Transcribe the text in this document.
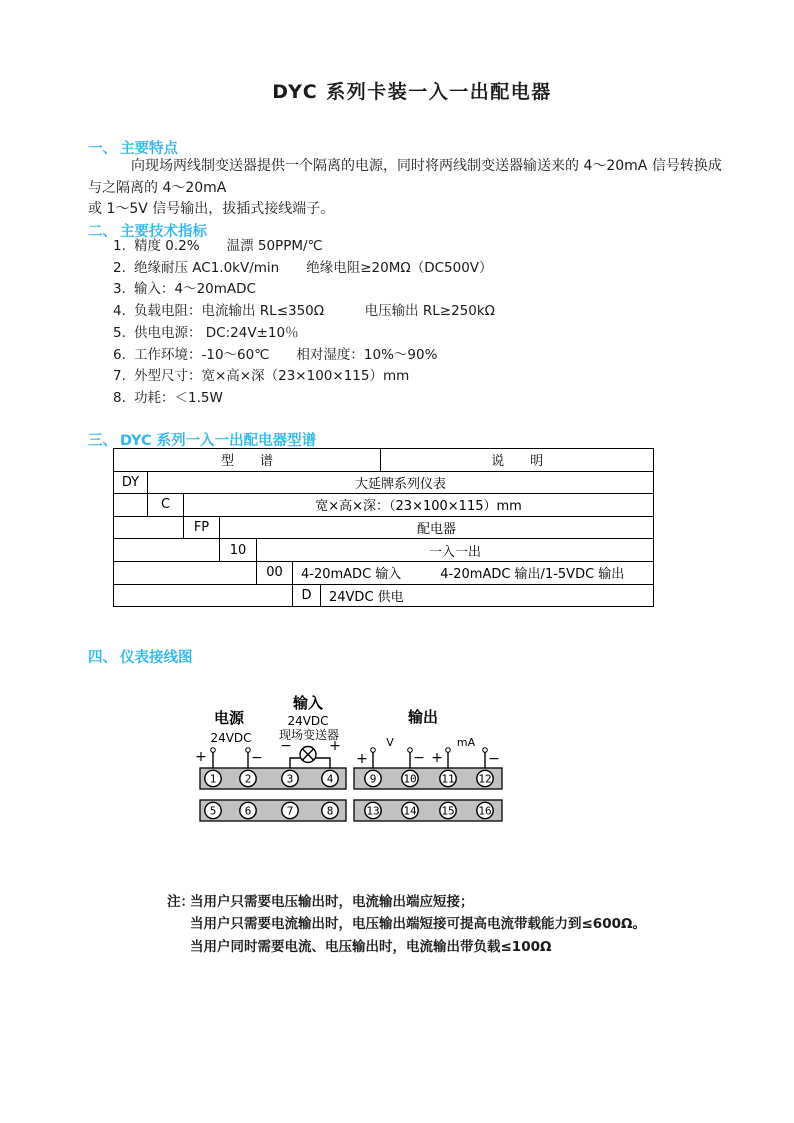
DYC 系列卡装一入一出配电器
一、 主要特点
向现场两线制变送器提供一个隔离的电源，同时将两线制变送器输送来的 4～20mA 信号转换成与之隔离的 4～20mA
或 1～5V 信号输出，拔插式接线端子。
二、 主要技术指标
1. 精度 0.2%　　温漂 50PPM/℃
2. 绝缘耐压 AC1.0kV/min　　绝缘电阻≥20MΩ（DC500V）
3. 输入：4～20mADC
4. 负载电阻：电流输出 RL≤350Ω　　　电压输出 RL≥250kΩ
5. 供电电源： DC:24V±10％
6. 工作环境：-10～60℃　　相对湿度：10%～90%
7. 外型尺寸：宽×高×深（23×100×115）mm
8. 功耗：＜1.5W
三、 DYC 系列一入一出配电器型谱
型　　谱							说　　明
DY	大延牌系列仪表						
	C	宽×高×深：（23×100×115）mm					
		FP	配电器				
			10	一入一出			
				00	4-20mADC 输入　　　4-20mADC 输出/1-5VDC 输出		
					D	24VDC 供电	
四、 仪表接线图
电源
24VDC
输入
24VDC
现场变送器
输出
V	mA
+	−
−	+
+	− +	−
1	2	3	4	9 10 11 12
5	6	7	8	13 14 15 16
注：当用户只需要电压输出时，电流输出端应短接；
当用户只需要电流输出时，电压输出端短接可提高电流带载能力到≤600Ω。
当用户同时需要电流、电压输出时，电流输出带负载≤100Ω
